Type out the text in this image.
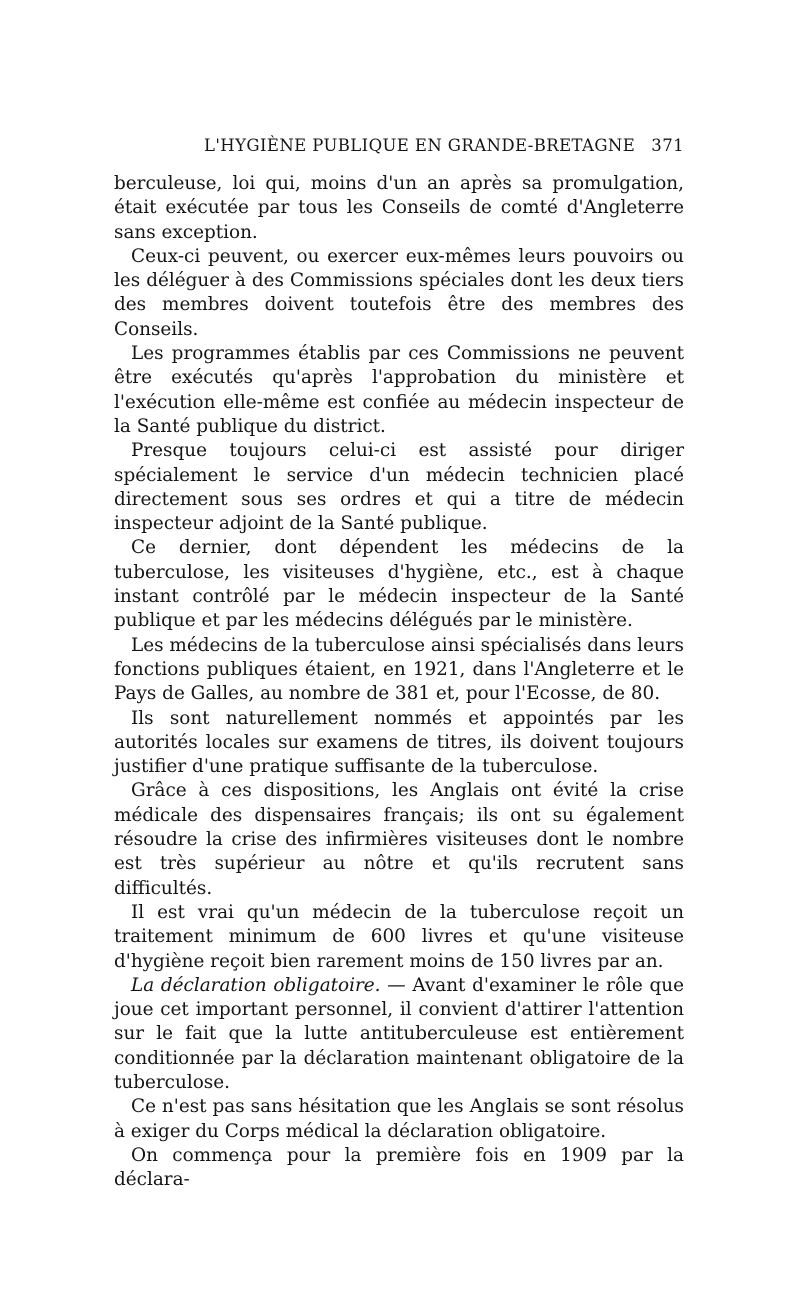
L'HYGIÈNE PUBLIQUE EN GRANDE-BRETAGNE 371

berculeuse, loi qui, moins d'un an après sa promulgation, était exécutée par tous les Conseils de comté d'Angleterre sans exception.

Ceux-ci peuvent, ou exercer eux-mêmes leurs pouvoirs ou les déléguer à des Commissions spéciales dont les deux tiers des membres doivent toutefois être des membres des Conseils.

Les programmes établis par ces Commissions ne peuvent être exécutés qu'après l'approbation du ministère et l'exécution elle-même est confiée au médecin inspecteur de la Santé publique du district.

Presque toujours celui-ci est assisté pour diriger spécialement le service d'un médecin technicien placé directement sous ses ordres et qui a titre de médecin inspecteur adjoint de la Santé publique.

Ce dernier, dont dépendent les médecins de la tuberculose, les visiteuses d'hygiène, etc., est à chaque instant contrôlé par le médecin inspecteur de la Santé publique et par les médecins délégués par le ministère.

Les médecins de la tuberculose ainsi spécialisés dans leurs fonctions publiques étaient, en 1921, dans l'Angleterre et le Pays de Galles, au nombre de 381 et, pour l'Ecosse, de 80.

Ils sont naturellement nommés et appointés par les autorités locales sur examens de titres, ils doivent toujours justifier d'une pratique suffisante de la tuberculose.

Grâce à ces dispositions, les Anglais ont évité la crise médicale des dispensaires français; ils ont su également résoudre la crise des infirmières visiteuses dont le nombre est très supérieur au nôtre et qu'ils recrutent sans difficultés.

Il est vrai qu'un médecin de la tuberculose reçoit un traitement minimum de 600 livres et qu'une visiteuse d'hygiène reçoit bien rarement moins de 150 livres par an.

La déclaration obligatoire. — Avant d'examiner le rôle que joue cet important personnel, il convient d'attirer l'attention sur le fait que la lutte antituberculeuse est entièrement conditionnée par la déclaration maintenant obligatoire de la tuberculose.

Ce n'est pas sans hésitation que les Anglais se sont résolus à exiger du Corps médical la déclaration obligatoire.

On commença pour la première fois en 1909 par la déclara-
